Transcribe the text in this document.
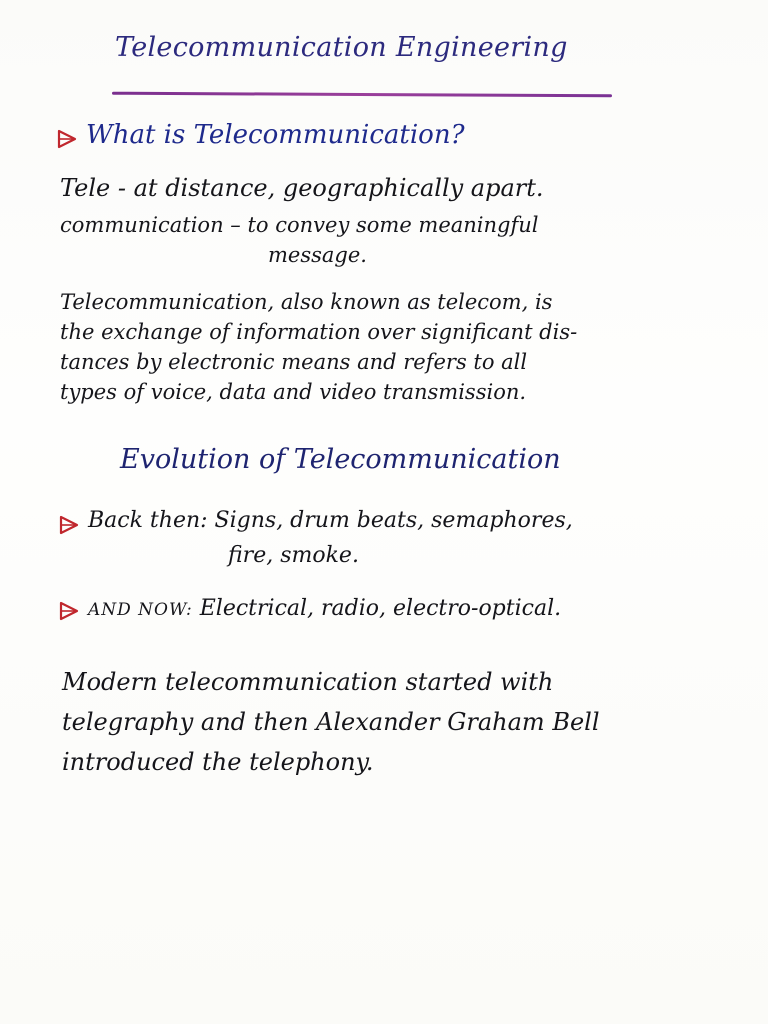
Telecommunication Engineering
What is Telecommunication?
Tele - at distance, geographically apart.
communication – to convey some meaningful
message.
Telecommunication, also known as telecom, is
the exchange of information over significant dis-
tances by electronic means and refers to all
types of voice, data and video transmission.
Evolution of Telecommunication
Back then: Signs, drum beats, semaphores,
fire, smoke.
AND NOW: Electrical, radio, electro-optical.
Modern telecommunication started with
telegraphy and then Alexander Graham Bell
introduced the telephony.
